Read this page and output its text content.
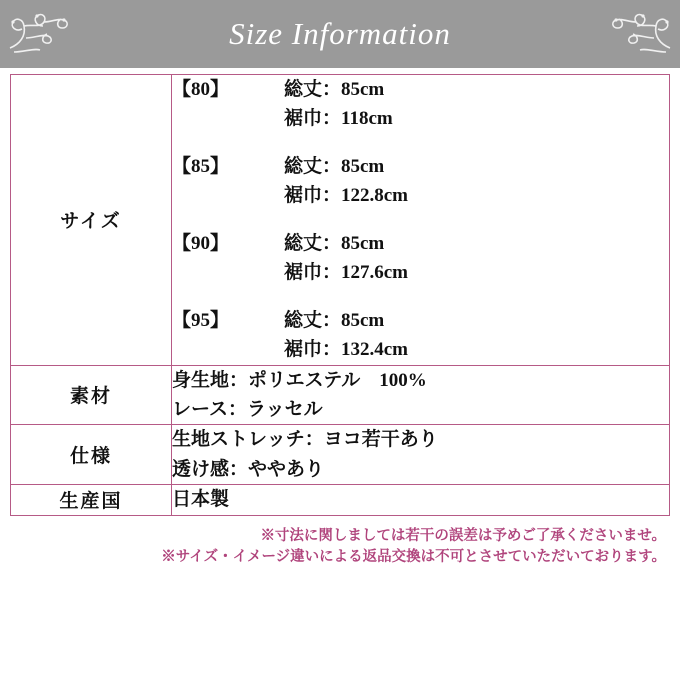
Size Information
サイズ	
【80】	総丈：85cm
裾巾：118cm
【85】	総丈：85cm
裾巾：122.8cm
【90】	総丈：85cm
裾巾：127.6cm
【95】	総丈：85cm
裾巾：132.4cm

素材	身生地：ポリエステル　100%
レース：ラッセル

仕様	生地ストレッチ：ヨコ若干あり
透け感：ややあり

生産国	日本製
※寸法に関しましては若干の誤差は予めご了承くださいませ。
※サイズ・イメージ違いによる返品交換は不可とさせていただいております。
